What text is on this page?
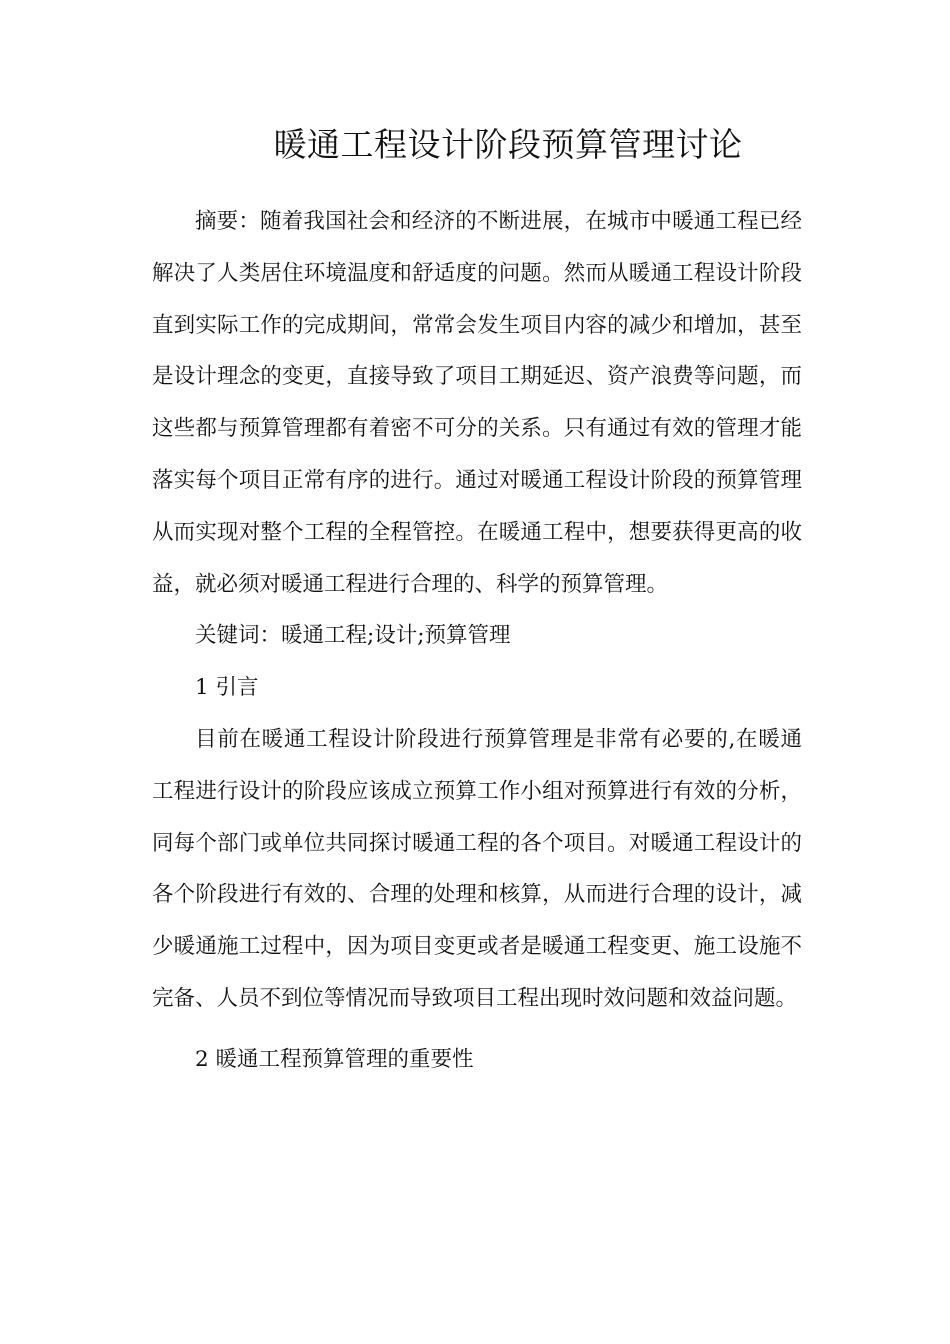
暖通工程设计阶段预算管理讨论

摘要：随着我国社会和经济的不断进展，在城市中暖通工程已经解决了人类居住环境温度和舒适度的问题。然而从暖通工程设计阶段直到实际工作的完成期间，常常会发生项目内容的减少和增加，甚至是设计理念的变更，直接导致了项目工期延迟、资产浪费等问题，而这些都与预算管理都有着密不可分的关系。只有通过有效的管理才能落实每个项目正常有序的进行。通过对暖通工程设计阶段的预算管理从而实现对整个工程的全程管控。在暖通工程中，想要获得更高的收益，就必须对暖通工程进行合理的、科学的预算管理。

关键词：暖通工程;设计;预算管理

1 引言

目前在暖通工程设计阶段进行预算管理是非常有必要的,在暖通工程进行设计的阶段应该成立预算工作小组对预算进行有效的分析，同每个部门或单位共同探讨暖通工程的各个项目。对暖通工程设计的各个阶段进行有效的、合理的处理和核算，从而进行合理的设计，减少暖通施工过程中，因为项目变更或者是暖通工程变更、施工设施不完备、人员不到位等情况而导致项目工程出现时效问题和效益问题。

2 暖通工程预算管理的重要性
